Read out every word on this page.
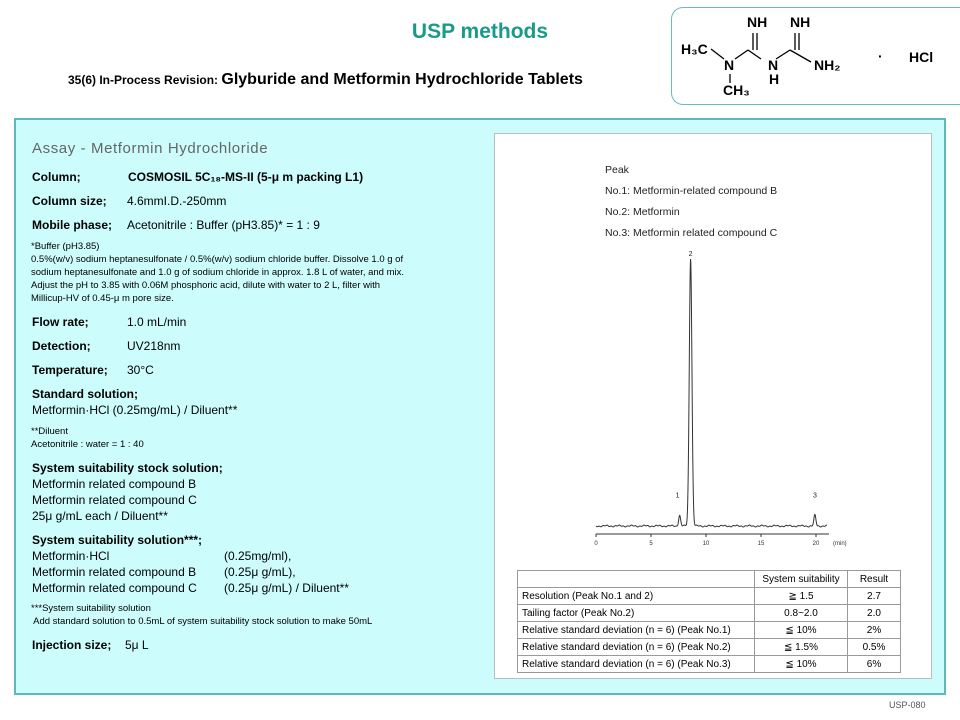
USP methods
35(6) In-Process Revision: Glyburide and Metformin Hydrochloride Tablets
NH NH
H₃C
N N
H
NH₂
CH₃
· HCl
Assay - Metformin Hydrochloride
Column;	COSMOSIL 5C₁₈-MS-II (5-μ m packing L1)
Column size; 4.6mmI.D.-250mm
Mobile phase; Acetonitrile : Buffer (pH3.85)* = 1 : 9
*Buffer (pH3.85)
0.5%(w/v) sodium heptanesulfonate / 0.5%(w/v) sodium chloride buffer. Dissolve 1.0 g of
sodium heptanesulfonate and 1.0 g of sodium chloride in approx. 1.8 L of water, and mix.
Adjust the pH to 3.85 with 0.06M phosphoric acid, dilute with water to 2 L, filter with
Millicup-HV of 0.45-μ m pore size.
Flow rate;	1.0 mL/min
Detection;	UV218nm
Temperature; 30°C
Standard solution;
Metformin·HCl (0.25mg/mL) / Diluent**
**Diluent
Acetonitrile : water = 1 : 40
System suitability stock solution;
Metformin related compound B
Metformin related compound C
25μ g/mL each / Diluent**
System suitability solution***;
Metformin·HCl	(0.25mg/ml),
Metformin related compound B (0.25μ g/mL),
Metformin related compound C (0.25μ g/mL) / Diluent**
***System suitability solution
Add standard solution to 0.5mL of system suitability stock solution to make 50mL
Injection size; 5μ L
Peak
No.1: Metformin-related compound B
No.2: Metformin
No.3: Metformin related compound C
0	5	10	15	20
1
2
3
(min)
	System suitability	Result
Resolution (Peak No.1 and 2)	≧ 1.5	2.7
Tailing factor (Peak No.2)	0.8~2.0	2.0
Relative standard deviation (n = 6) (Peak No.1)	≦ 10%	2%
Relative standard deviation (n = 6) (Peak No.2)	≦ 1.5%	0.5%
Relative standard deviation (n = 6) (Peak No.3)	≦ 10%	6%
USP-080
